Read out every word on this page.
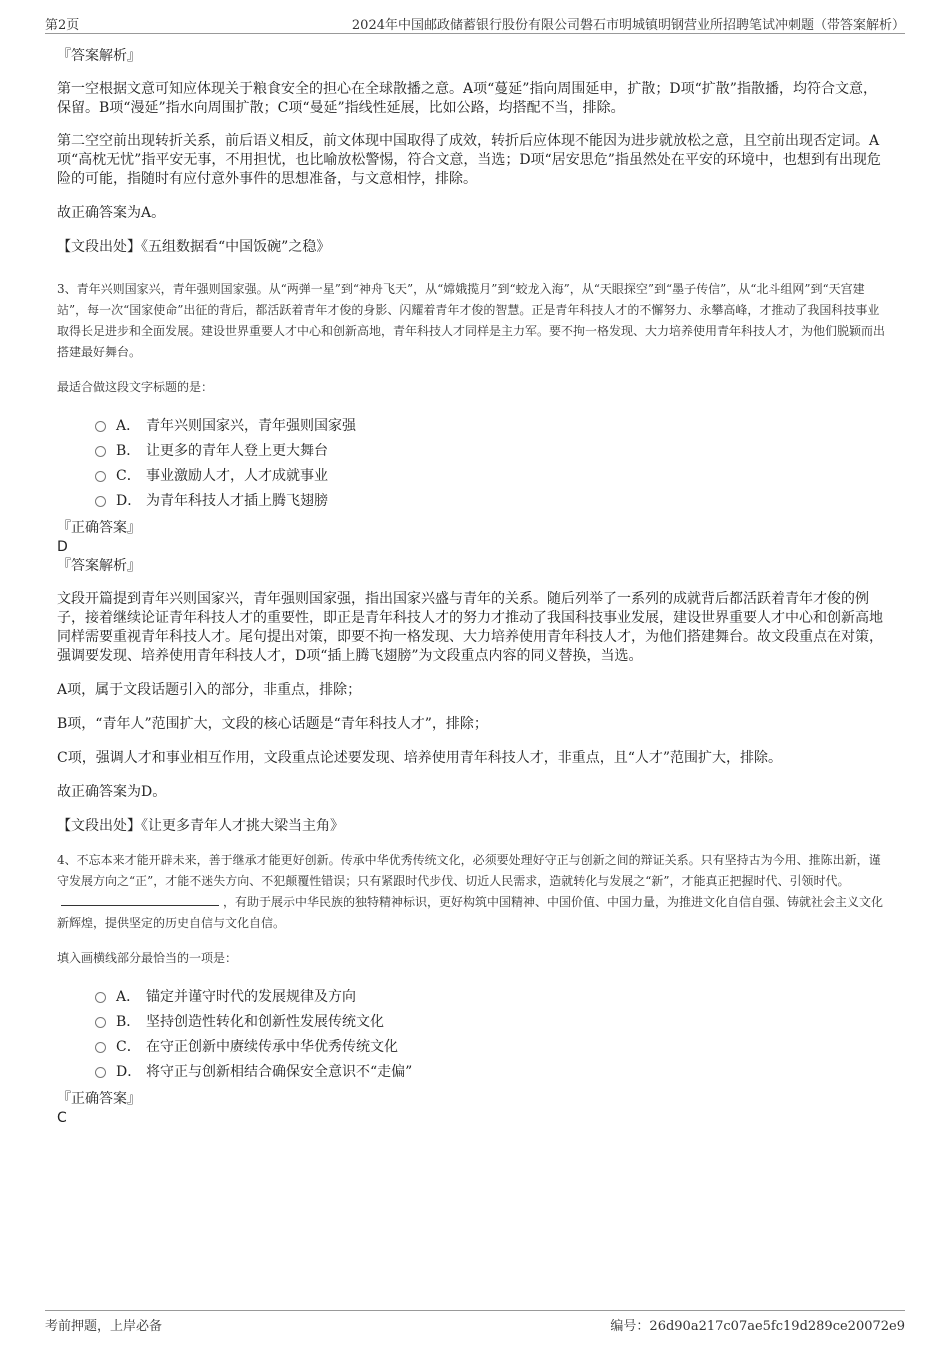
第2页	2024年中国邮政储蓄银行股份有限公司磐石市明城镇明钢营业所招聘笔试冲刺题（带答案解析）

『答案解析』

第一空根据文意可知应体现关于粮食安全的担心在全球散播之意。A项“蔓延”指向周围延申，扩散；D项“扩散”指散播，均符合文意，保留。B项“漫延”指水向周围扩散；C项“曼延”指线性延展，比如公路，均搭配不当，排除。

第二空空前出现转折关系，前后语义相反，前文体现中国取得了成效，转折后应体现不能因为进步就放松之意，且空前出现否定词。A项“高枕无忧”指平安无事，不用担忧，也比喻放松警惕，符合文意，当选；D项“居安思危”指虽然处在平安的环境中，也想到有出现危险的可能，指随时有应付意外事件的思想准备，与文意相悖，排除。

故正确答案为A。

【文段出处】《五组数据看“中国饭碗”之稳》

3、青年兴则国家兴，青年强则国家强。从“两弹一星”到“神舟飞天”，从“嫦娥揽月”到“蛟龙入海”，从“天眼探空”到“墨子传信”，从“北斗组网”到“天宫建站”，每一次“国家使命”出征的背后，都活跃着青年才俊的身影、闪耀着青年才俊的智慧。正是青年科技人才的不懈努力、永攀高峰，才推动了我国科技事业取得长足进步和全面发展。建设世界重要人才中心和创新高地，青年科技人才同样是主力军。要不拘一格发现、大力培养使用青年科技人才，为他们脱颖而出搭建最好舞台。

最适合做这段文字标题的是：

A． 青年兴则国家兴，青年强则国家强
B． 让更多的青年人登上更大舞台
C． 事业激励人才，人才成就事业
D． 为青年科技人才插上腾飞翅膀

『正确答案』

D

『答案解析』

文段开篇提到青年兴则国家兴，青年强则国家强，指出国家兴盛与青年的关系。随后列举了一系列的成就背后都活跃着青年才俊的例子，接着继续论证青年科技人才的重要性，即正是青年科技人才的努力才推动了我国科技事业发展，建设世界重要人才中心和创新高地同样需要重视青年科技人才。尾句提出对策，即要不拘一格发现、大力培养使用青年科技人才，为他们搭建舞台。故文段重点在对策，强调要发现、培养使用青年科技人才，D项“插上腾飞翅膀”为文段重点内容的同义替换，当选。

A项，属于文段话题引入的部分，非重点，排除；

B项，“青年人”范围扩大，文段的核心话题是“青年科技人才”，排除；

C项，强调人才和事业相互作用，文段重点论述要发现、培养使用青年科技人才，非重点，且“人才”范围扩大，排除。

故正确答案为D。

【文段出处】《让更多青年人才挑大梁当主角》

4、不忘本来才能开辟未来，善于继承才能更好创新。传承中华优秀传统文化，必须要处理好守正与创新之间的辩证关系。只有坚持古为今用、推陈出新，谨守发展方向之“正”，才能不迷失方向、不犯颠覆性错误；只有紧跟时代步伐、切近人民需求，造就转化与发展之“新”，才能真正把握时代、引领时代。，有助于展示中华民族的独特精神标识，更好构筑中国精神、中国价值、中国力量，为推进文化自信自强、铸就社会主义文化新辉煌，提供坚定的历史自信与文化自信。

填入画横线部分最恰当的一项是：

A． 锚定并谨守时代的发展规律及方向
B． 坚持创造性转化和创新性发展传统文化
C． 在守正创新中赓续传承中华优秀传统文化
D． 将守正与创新相结合确保安全意识不“走偏”

『正确答案』

C

考前押题，上岸必备	编号：26d90a217c07ae5fc19d289ce20072e9
